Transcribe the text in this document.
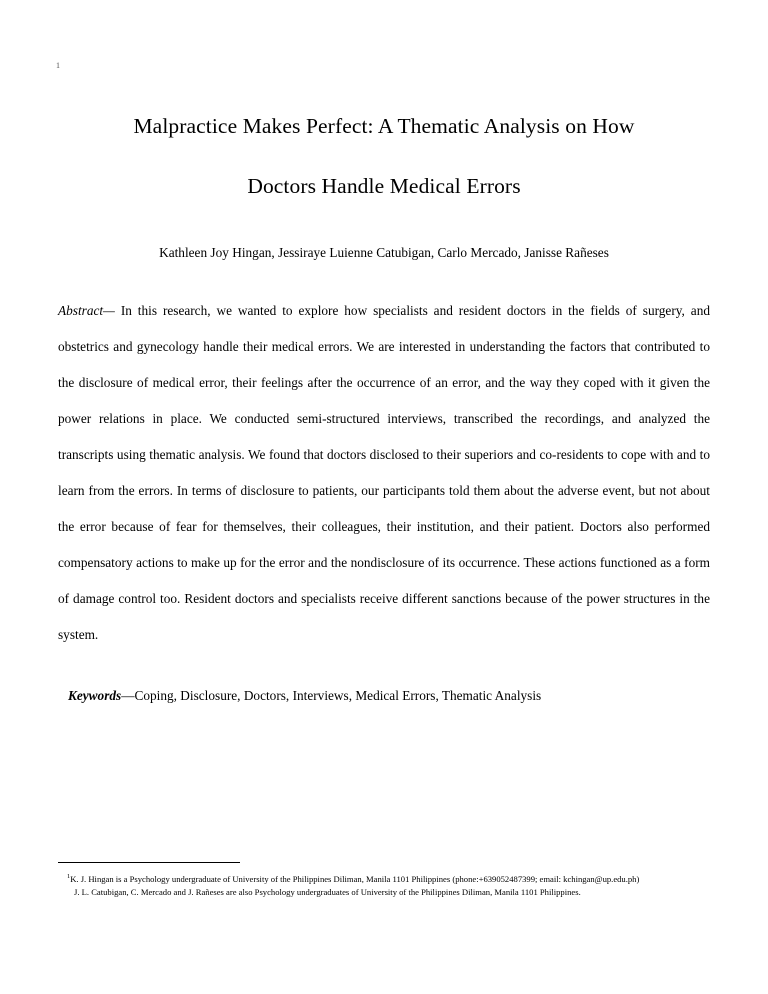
1
Malpractice Makes Perfect: A Thematic Analysis on How
Doctors Handle Medical Errors
Kathleen Joy Hingan, Jessiraye Luienne Catubigan, Carlo Mercado, Janisse Rañeses
Abstract— In this research, we wanted to explore how specialists and resident doctors in the fields of surgery, and obstetrics and gynecology handle their medical errors. We are interested in understanding the factors that contributed to the disclosure of medical error, their feelings after the occurrence of an error, and the way they coped with it given the power relations in place. We conducted semi-structured interviews, transcribed the recordings, and analyzed the transcripts using thematic analysis. We found that doctors disclosed to their superiors and co-residents to cope with and to learn from the errors. In terms of disclosure to patients, our participants told them about the adverse event, but not about the error because of fear for themselves, their colleagues, their institution, and their patient. Doctors also performed compensatory actions to make up for the error and the nondisclosure of its occurrence. These actions functioned as a form of damage control too. Resident doctors and specialists receive different sanctions because of the power structures in the system.
Keywords—Coping, Disclosure, Doctors, Interviews, Medical Errors, Thematic Analysis

$^1$K. J. Hingan is a Psychology undergraduate of University of the Philippines Diliman, Manila 1101 Philippines (phone:+639052487399; email: kchingan@up.edu.ph)

J. L. Catubigan, C. Mercado and J. Rañeses are also Psychology undergraduates of University of the Philippines Diliman, Manila 1101 Philippines.
